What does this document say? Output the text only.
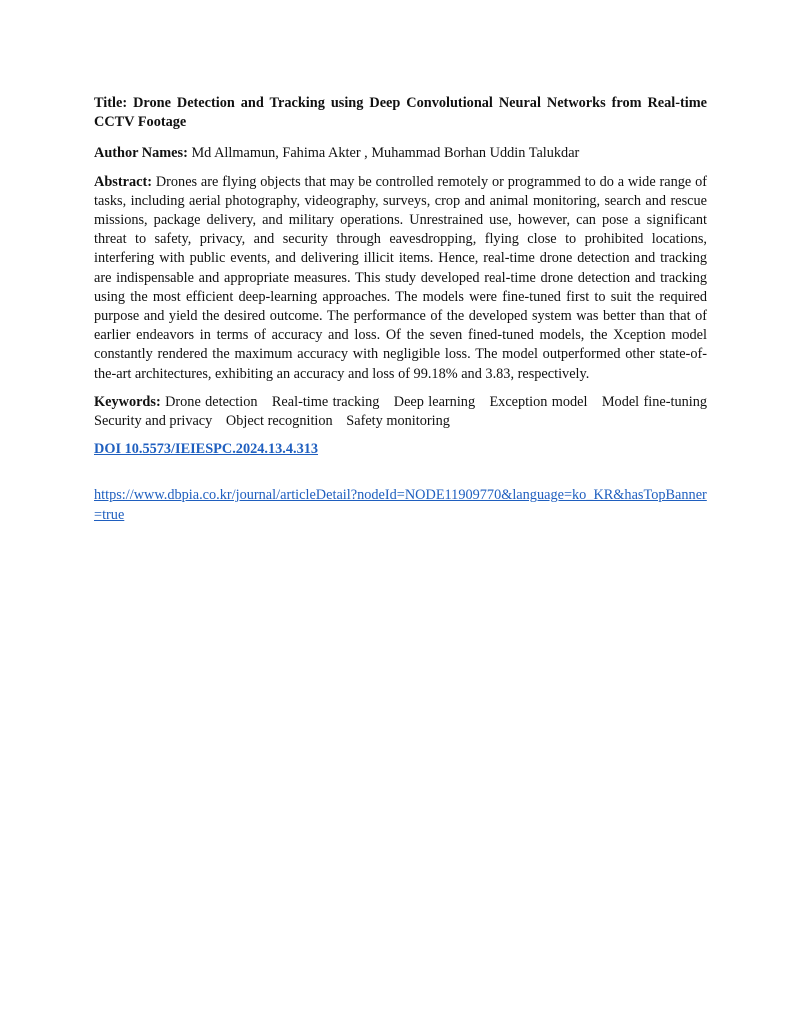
Title: Drone Detection and Tracking using Deep Convolutional Neural Networks from Real-time CCTV Footage

Author Names: Md Allmamun, Fahima Akter , Muhammad Borhan Uddin Talukdar

Abstract: Drones are flying objects that may be controlled remotely or programmed to do a wide range of tasks, including aerial photography, videography, surveys, crop and animal monitoring, search and rescue missions, package delivery, and military operations. Unrestrained use, however, can pose a significant threat to safety, privacy, and security through eavesdropping, flying close to prohibited locations, interfering with public events, and delivering illicit items. Hence, real-time drone detection and tracking are indispensable and appropriate measures. This study developed real-time drone detection and tracking using the most efficient deep-learning approaches. The models were fine-tuned first to suit the required purpose and yield the desired outcome. The performance of the developed system was better than that of earlier endeavors in terms of accuracy and loss. Of the seven fined-tuned models, the Xception model constantly rendered the maximum accuracy with negligible loss. The model outperformed other state-of-the-art architectures, exhibiting an accuracy and loss of 99.18% and 3.83, respectively.

Keywords: Drone detection Real-time tracking Deep learning Exception model Model fine-tuning Security and privacy Object recognition Safety monitoring

DOI 10.5573/IEIESPC.2024.13.4.313

https://www.dbpia.co.kr/journal/articleDetail?nodeId=NODE11909770&language=ko_KR&hasTopBanner=true
